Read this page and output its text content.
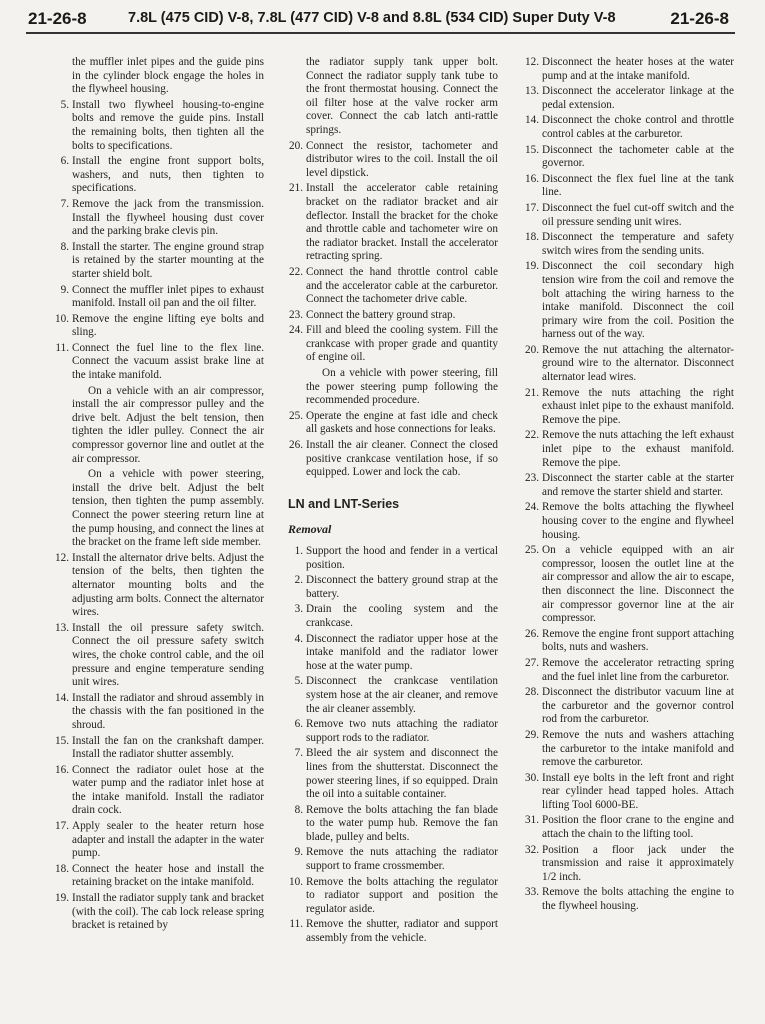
21-26-8	7.8L (475 CID) V-8, 7.8L (477 CID) V-8 and 8.8L (534 CID) Super Duty V-8	21-26-8
the muffler inlet pipes and the guide pins in the cylinder block engage the holes in the flywheel housing.
5. Install two flywheel housing-to-engine bolts and remove the guide pins. Install the remaining bolts, then tighten all the bolts to specifications.
6. Install the engine front support bolts, washers, and nuts, then tighten to specifications.
7. Remove the jack from the transmission. Install the flywheel housing dust cover and the parking brake clevis pin.
8. Install the starter. The engine ground strap is retained by the starter mounting at the starter shield bolt.
9. Connect the muffler inlet pipes to exhaust manifold. Install oil pan and the oil filter.
10. Remove the engine lifting eye bolts and sling.
11. Connect the fuel line to the flex line. Connect the vacuum assist brake line at the intake manifold.
On a vehicle with an air compressor, install the air compressor pulley and the drive belt. Adjust the belt tension, then tighten the idler pulley. Connect the air compressor governor line and outlet at the air compressor.
On a vehicle with power steering, install the drive belt. Adjust the belt tension, then tighten the pump assembly. Connect the power steering return line at the pump housing, and connect the lines at the bracket on the frame left side member.
12. Install the alternator drive belts. Adjust the tension of the belts, then tighten the alternator mounting bolts and the adjusting arm bolts. Connect the alternator wires.
13. Install the oil pressure safety switch. Connect the oil pressure safety switch wires, the choke control cable, and the oil pressure and engine temperature sending unit wires.
14. Install the radiator and shroud assembly in the chassis with the fan positioned in the shroud.
15. Install the fan on the crankshaft damper. Install the radiator shutter assembly.
16. Connect the radiator oulet hose at the water pump and the radiator inlet hose at the intake manifold. Install the radiator drain cock.
17. Apply sealer to the heater return hose adapter and install the adapter in the water pump.
18. Connect the heater hose and install the retaining bracket on the intake manifold.
19. Install the radiator supply tank and bracket (with the coil). The cab lock release spring bracket is retained by
the radiator supply tank upper bolt. Connect the radiator supply tank tube to the front thermostat housing. Connect the oil filter hose at the valve rocker arm cover. Connect the cab latch anti-rattle springs.
20. Connect the resistor, tachometer and distributor wires to the coil. Install the oil level dipstick.
21. Install the accelerator cable retaining bracket on the radiator bracket and air deflector. Install the bracket for the choke and throttle cable and tachometer wire on the radiator bracket. Install the accelerator retracting spring.
22. Connect the hand throttle control cable and the accelerator cable at the carburetor. Connect the tachometer drive cable.
23. Connect the battery ground strap.
24. Fill and bleed the cooling system. Fill the crankcase with proper grade and quantity of engine oil.
On a vehicle with power steering, fill the power steering pump following the recommended procedure.
25. Operate the engine at fast idle and check all gaskets and hose connections for leaks.
26. Install the air cleaner. Connect the closed positive crankcase ventilation hose, if so equipped. Lower and lock the cab.
LN and LNT-Series
Removal
1. Support the hood and fender in a vertical position.
2. Disconnect the battery ground strap at the battery.
3. Drain the cooling system and the crankcase.
4. Disconnect the radiator upper hose at the intake manifold and the radiator lower hose at the water pump.
5. Disconnect the crankcase ventilation system hose at the air cleaner, and remove the air cleaner assembly.
6. Remove two nuts attaching the radiator support rods to the radiator.
7. Bleed the air system and disconnect the lines from the shutterstat. Disconnect the power steering lines, if so equipped. Drain the oil into a suitable container.
8. Remove the bolts attaching the fan blade to the water pump hub. Remove the fan blade, pulley and belts.
9. Remove the nuts attaching the radiator support to frame crossmember.
10. Remove the bolts attaching the regulator to radiator support and position the regulator aside.
11. Remove the shutter, radiator and support assembly from the vehicle.
12. Disconnect the heater hoses at the water pump and at the intake manifold.
13. Disconnect the accelerator linkage at the pedal extension.
14. Disconnect the choke control and throttle control cables at the carburetor.
15. Disconnect the tachometer cable at the governor.
16. Disconnect the flex fuel line at the tank line.
17. Disconnect the fuel cut-off switch and the oil pressure sending unit wires.
18. Disconnect the temperature and safety switch wires from the sending units.
19. Disconnect the coil secondary high tension wire from the coil and remove the bolt attaching the wiring harness to the intake manifold. Disconnect the coil primary wire from the coil. Position the harness out of the way.
20. Remove the nut attaching the alternator-ground wire to the alternator. Disconnect alternator lead wires.
21. Remove the nuts attaching the right exhaust inlet pipe to the exhaust manifold. Remove the pipe.
22. Remove the nuts attaching the left exhaust inlet pipe to the exhaust manifold. Remove the pipe.
23. Disconnect the starter cable at the starter and remove the starter shield and starter.
24. Remove the bolts attaching the flywheel housing cover to the engine and flywheel housing.
25. On a vehicle equipped with an air compressor, loosen the outlet line at the air compressor and allow the air to escape, then disconnect the line. Disconnect the air compressor governor line at the air compressor.
26. Remove the engine front support attaching bolts, nuts and washers.
27. Remove the accelerator retracting spring and the fuel inlet line from the carburetor.
28. Disconnect the distributor vacuum line at the carburetor and the governor control rod from the carburetor.
29. Remove the nuts and washers attaching the carburetor to the intake manifold and remove the carburetor.
30. Install eye bolts in the left front and right rear cylinder head tapped holes. Attach lifting Tool 6000-BE.
31. Position the floor crane to the engine and attach the chain to the lifting tool.
32. Position a floor jack under the transmission and raise it approximately 1/2 inch.
33. Remove the bolts attaching the engine to the flywheel housing.
